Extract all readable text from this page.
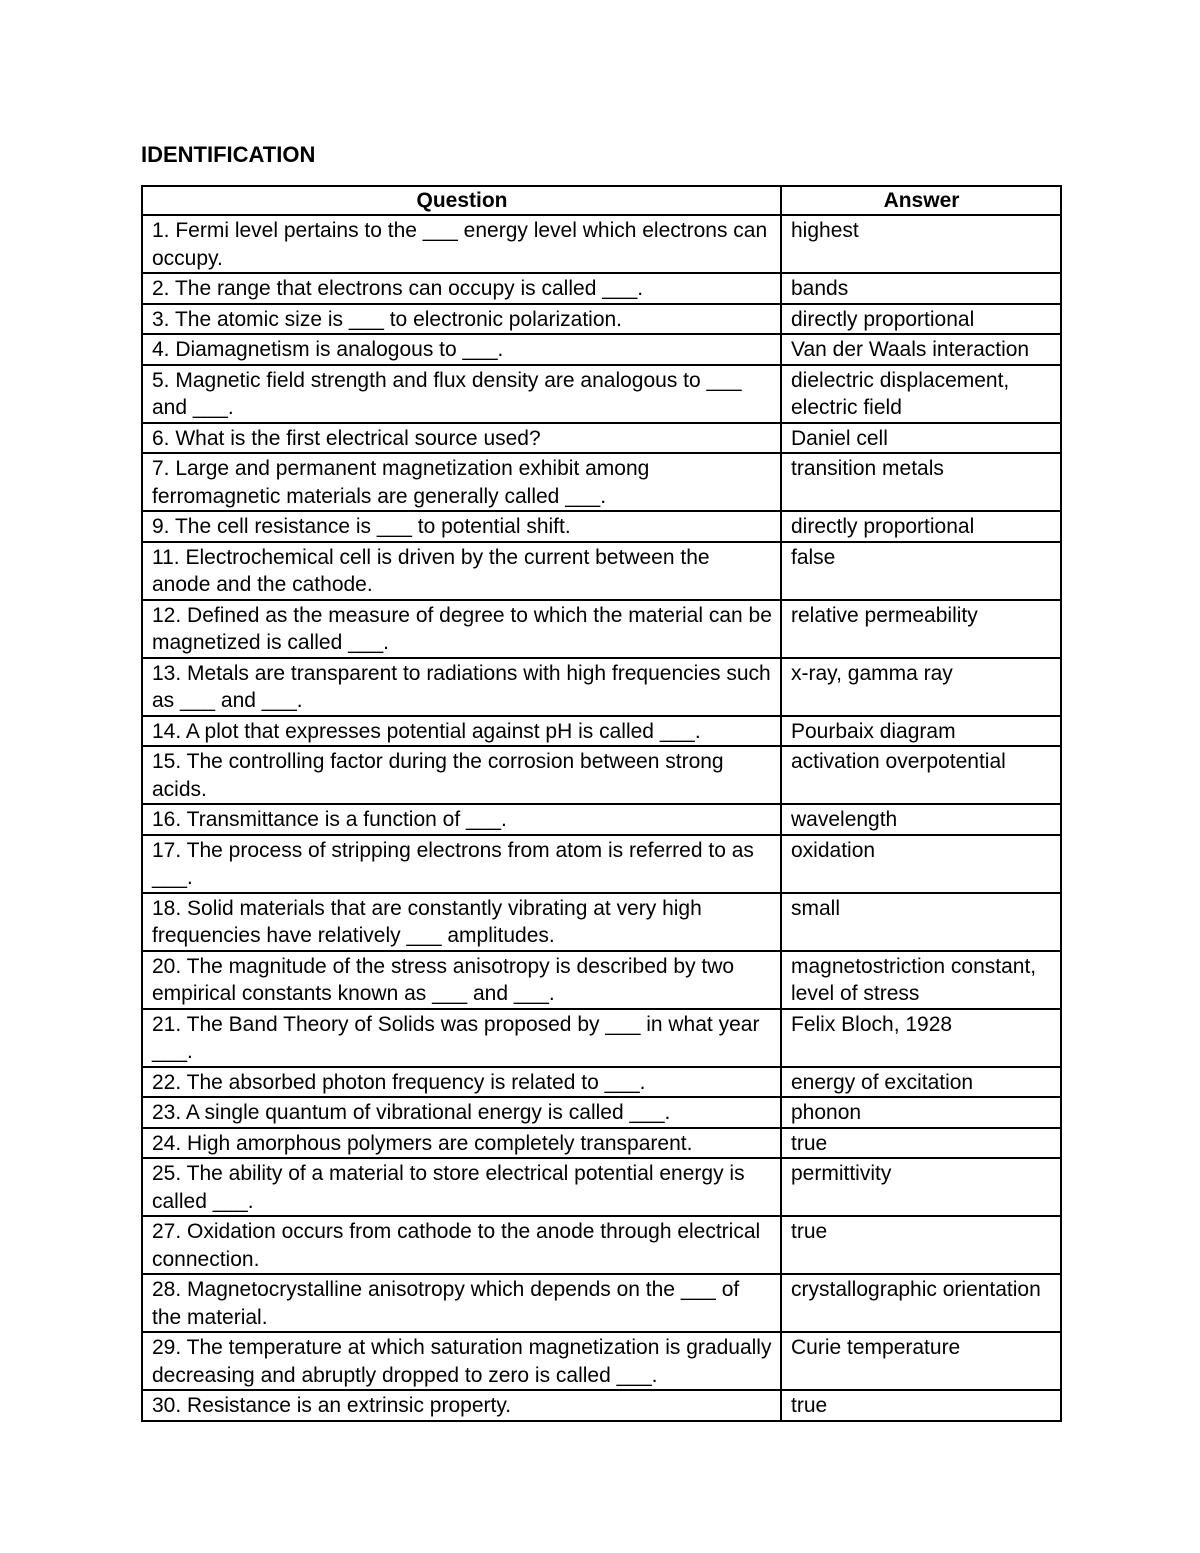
IDENTIFICATION
Question	Answer
1. Fermi level pertains to the ___ energy level which electrons can occupy.	highest
2. The range that electrons can occupy is called ___.	bands
3. The atomic size is ___ to electronic polarization.	directly proportional
4. Diamagnetism is analogous to ___.	Van der Waals interaction
5. Magnetic field strength and flux density are analogous to ___ and ___.	dielectric displacement, electric field
6. What is the first electrical source used?	Daniel cell
7. Large and permanent magnetization exhibit among ferromagnetic materials are generally called ___.	transition metals
9. The cell resistance is ___ to potential shift.	directly proportional
11. Electrochemical cell is driven by the current between the anode and the cathode.	false
12. Defined as the measure of degree to which the material can be magnetized is called ___.	relative permeability
13. Metals are transparent to radiations with high frequencies such as ___ and ___.	x-ray, gamma ray
14. A plot that expresses potential against pH is called ___.	Pourbaix diagram
15. The controlling factor during the corrosion between strong acids.	activation overpotential
16. Transmittance is a function of ___.	wavelength
17. The process of stripping electrons from atom is referred to as ___.	oxidation
18. Solid materials that are constantly vibrating at very high frequencies have relatively ___ amplitudes.	small
20. The magnitude of the stress anisotropy is described by two empirical constants known as ___ and ___.	magnetostriction constant, level of stress
21. The Band Theory of Solids was proposed by ___ in what year ___.	Felix Bloch, 1928
22. The absorbed photon frequency is related to ___.	energy of excitation
23. A single quantum of vibrational energy is called ___.	phonon
24. High amorphous polymers are completely transparent.	true
25. The ability of a material to store electrical potential energy is called ___.	permittivity
27. Oxidation occurs from cathode to the anode through electrical connection.	true
28. Magnetocrystalline anisotropy which depends on the ___ of the material.	crystallographic orientation
29. The temperature at which saturation magnetization is gradually decreasing and abruptly dropped to zero is called ___.	Curie temperature
30. Resistance is an extrinsic property.	true
